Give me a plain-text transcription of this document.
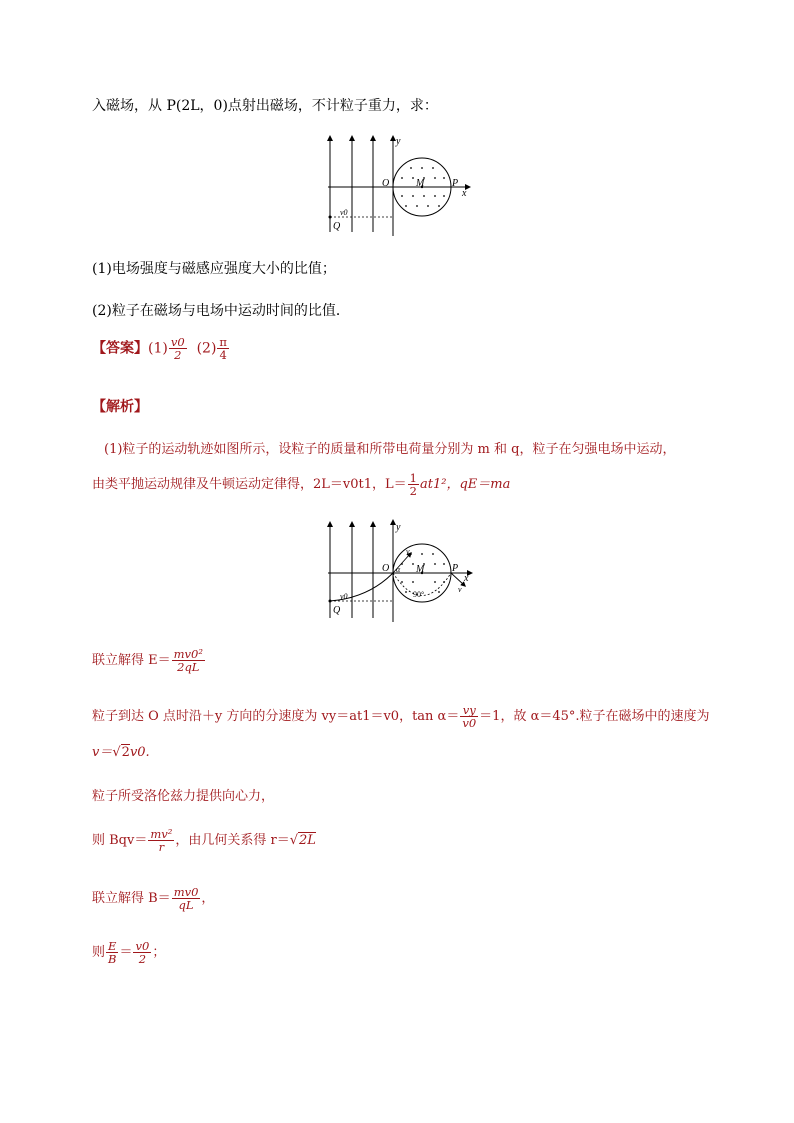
入磁场，从 P(2L，0)点射出磁场，不计粒子重力，求：
y
x
O	M	P
Q
v0
(1)电场强度与磁感应强度大小的比值；
(2)粒子在磁场与电场中运动时间的比值．
【答案】$(1) \frac{v0}{2} (2) \frac{\pi}{4}$
【解析】
(1)粒子的运动轨迹如图所示，设粒子的质量和所带电荷量分别为 m 和 q，粒子在匀强电场中运动，
由类平抛运动规律及牛顿运动定律得，2L＝v0t1，$L= \frac{1}{2} at1^2$，qE＝ma
y
x
O	M	P
Q
v0
v
α
90°
v
联立解得 $E= \frac{\text{mv0²}}{2qL}$
粒子到达 O 点时沿＋y 方向的分速度为 vy＝at1＝v0，$\tan \alpha= \frac{vy}{v0} =1$，故 α＝45°.粒子在磁场中的速度为
v＝√2v0.
粒子所受洛伦兹力提供向心力，
则 $Bqv= \frac{\text{mv²}}{r}$ ，由几何关系得 r＝√2L
联立解得 $B= \frac{mv0}{qL}$ ，
则 $\frac{E}{B} = \frac{v0}{2}$ ；
